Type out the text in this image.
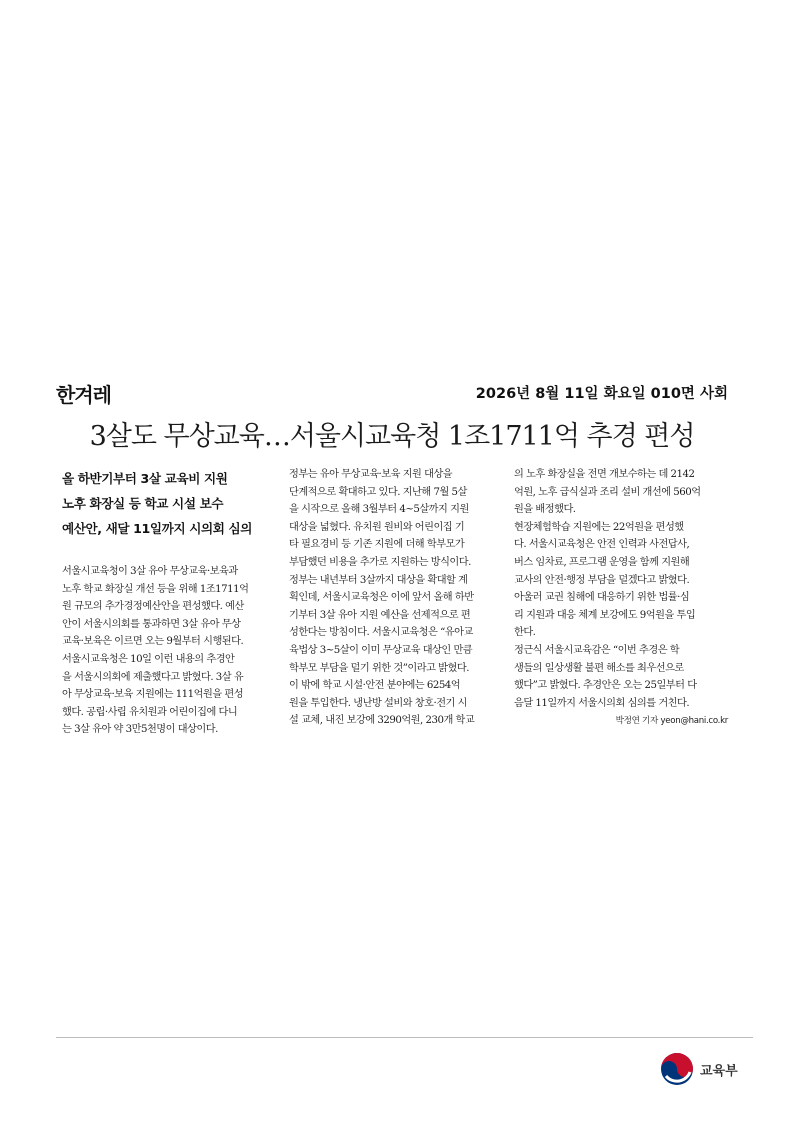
한겨레	2026년 8월 11일 화요일 010면 사회
3살도 무상교육…서울시교육청 1조1711억 추경 편성
올 하반기부터 3살 교육비 지원
노후 화장실 등 학교 시설 보수
예산안, 새달 11일까지 시의회 심의

서울시교육청이 3살 유아 무상교육·보육과
노후 학교 화장실 개선 등을 위해 1조1711억
원 규모의 추가경정예산안을 편성했다. 예산
안이 서울시의회를 통과하면 3살 유아 무상
교육·보육은 이르면 오는 9월부터 시행된다.
서울시교육청은 10일 이런 내용의 추경안
을 서울시의회에 제출했다고 밝혔다. 3살 유
아 무상교육·보육 지원에는 111억원을 편성
했다. 공립·사립 유치원과 어린이집에 다니
는 3살 유아 약 3만5천명이 대상이다.

정부는 유아 무상교육·보육 지원 대상을
단계적으로 확대하고 있다. 지난해 7월 5살
을 시작으로 올해 3월부터 4~5살까지 지원
대상을 넓혔다. 유치원 원비와 어린이집 기
타 필요경비 등 기존 지원에 더해 학부모가
부담했던 비용을 추가로 지원하는 방식이다.
정부는 내년부터 3살까지 대상을 확대할 계
획인데, 서울시교육청은 이에 앞서 올해 하반
기부터 3살 유아 지원 예산을 선제적으로 편
성한다는 방침이다. 서울시교육청은 “유아교
육법상 3~5살이 이미 무상교육 대상인 만큼
학부모 부담을 덜기 위한 것”이라고 밝혔다.
이 밖에 학교 시설·안전 분야에는 6254억
원을 투입한다. 냉난방 설비와 창호·전기 시
설 교체, 내진 보강에 3290억원, 230개 학교

의 노후 화장실을 전면 개보수하는 데 2142
억원, 노후 급식실과 조리 설비 개선에 560억
원을 배정했다.
현장체험학습 지원에는 22억원을 편성했
다. 서울시교육청은 안전 인력과 사전답사,
버스 임차료, 프로그램 운영을 함께 지원해
교사의 안전·행정 부담을 덜겠다고 밝혔다.
아울러 교권 침해에 대응하기 위한 법률·심
리 지원과 대응 체계 보강에도 9억원을 투입
한다.
정근식 서울시교육감은 “이번 추경은 학
생들의 일상생활 불편 해소를 최우선으로
했다”고 밝혔다. 추경안은 오는 25일부터 다
음달 11일까지 서울시의회 심의를 거친다.

박정연 기자 yeon@hani.co.kr
교육부
